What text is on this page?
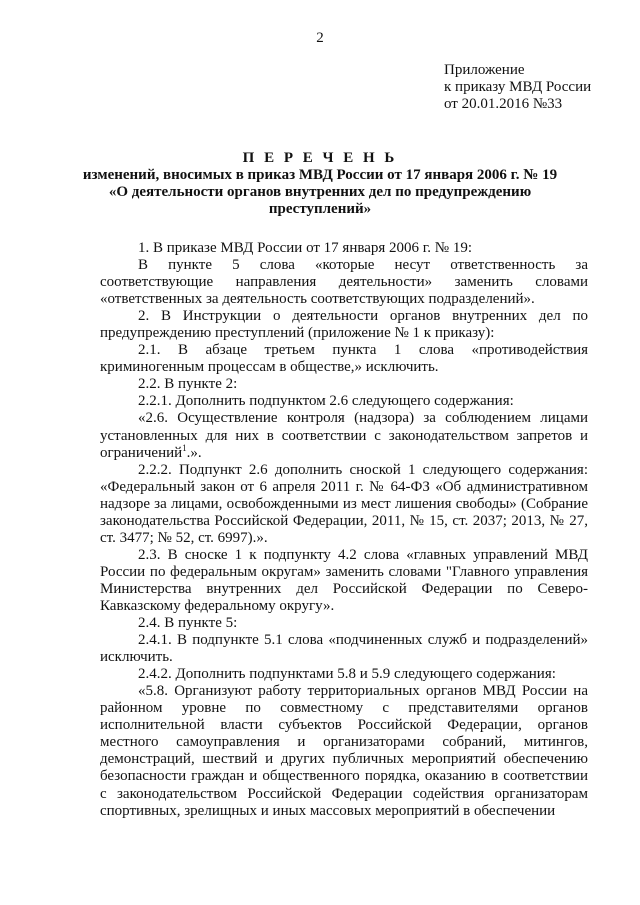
2
Приложение
к приказу МВД России
от 20.01.2016 №33
П Е Р Е Ч Е Н Ь
изменений, вносимых в приказ МВД России от 17 января 2006 г. № 19
«О деятельности органов внутренних дел по предупреждению
преступлений»

1. В приказе МВД России от 17 января 2006 г. № 19:

В пункте 5 слова «которые несут ответственность за соответствующие направления деятельности» заменить словами «ответственных за деятельность соответствующих подразделений».

2. В Инструкции о деятельности органов внутренних дел по предупреждению преступлений (приложение № 1 к приказу):

2.1. В абзаце третьем пункта 1 слова «противодействия криминогенным процессам в обществе,» исключить.

2.2. В пункте 2:

2.2.1. Дополнить подпунктом 2.6 следующего содержания:

«2.6. Осуществление контроля (надзора) за соблюдением лицами установленных для них в соответствии с законодательством запретов и ограничений$^1$.».

2.2.2. Подпункт 2.6 дополнить сноской 1 следующего содержания: «Федеральный закон от 6 апреля 2011 г. № 64-ФЗ «Об административном надзоре за лицами, освобожденными из мест лишения свободы» (Собрание законодательства Российской Федерации, 2011, № 15, ст. 2037; 2013, № 27, ст. 3477; № 52, ст. 6997).».

2.3. В сноске 1 к подпункту 4.2 слова «главных управлений МВД России по федеральным округам» заменить словами "Главного управления Министерства внутренних дел Российской Федерации по Северо-Кавказскому федеральному округу».

2.4. В пункте 5:

2.4.1. В подпункте 5.1 слова «подчиненных служб и подразделений» исключить.

2.4.2. Дополнить подпунктами 5.8 и 5.9 следующего содержания:

«5.8. Организуют работу территориальных органов МВД России на районном уровне по совместному с представителями органов исполнительной власти субъектов Российской Федерации, органов местного самоуправления и организаторами собраний, митингов, демонстраций, шествий и других публичных мероприятий обеспечению безопасности граждан и общественного порядка, оказанию в соответствии с законодательством Российской Федерации содействия организаторам спортивных, зрелищных и иных массовых мероприятий в обеспечении
